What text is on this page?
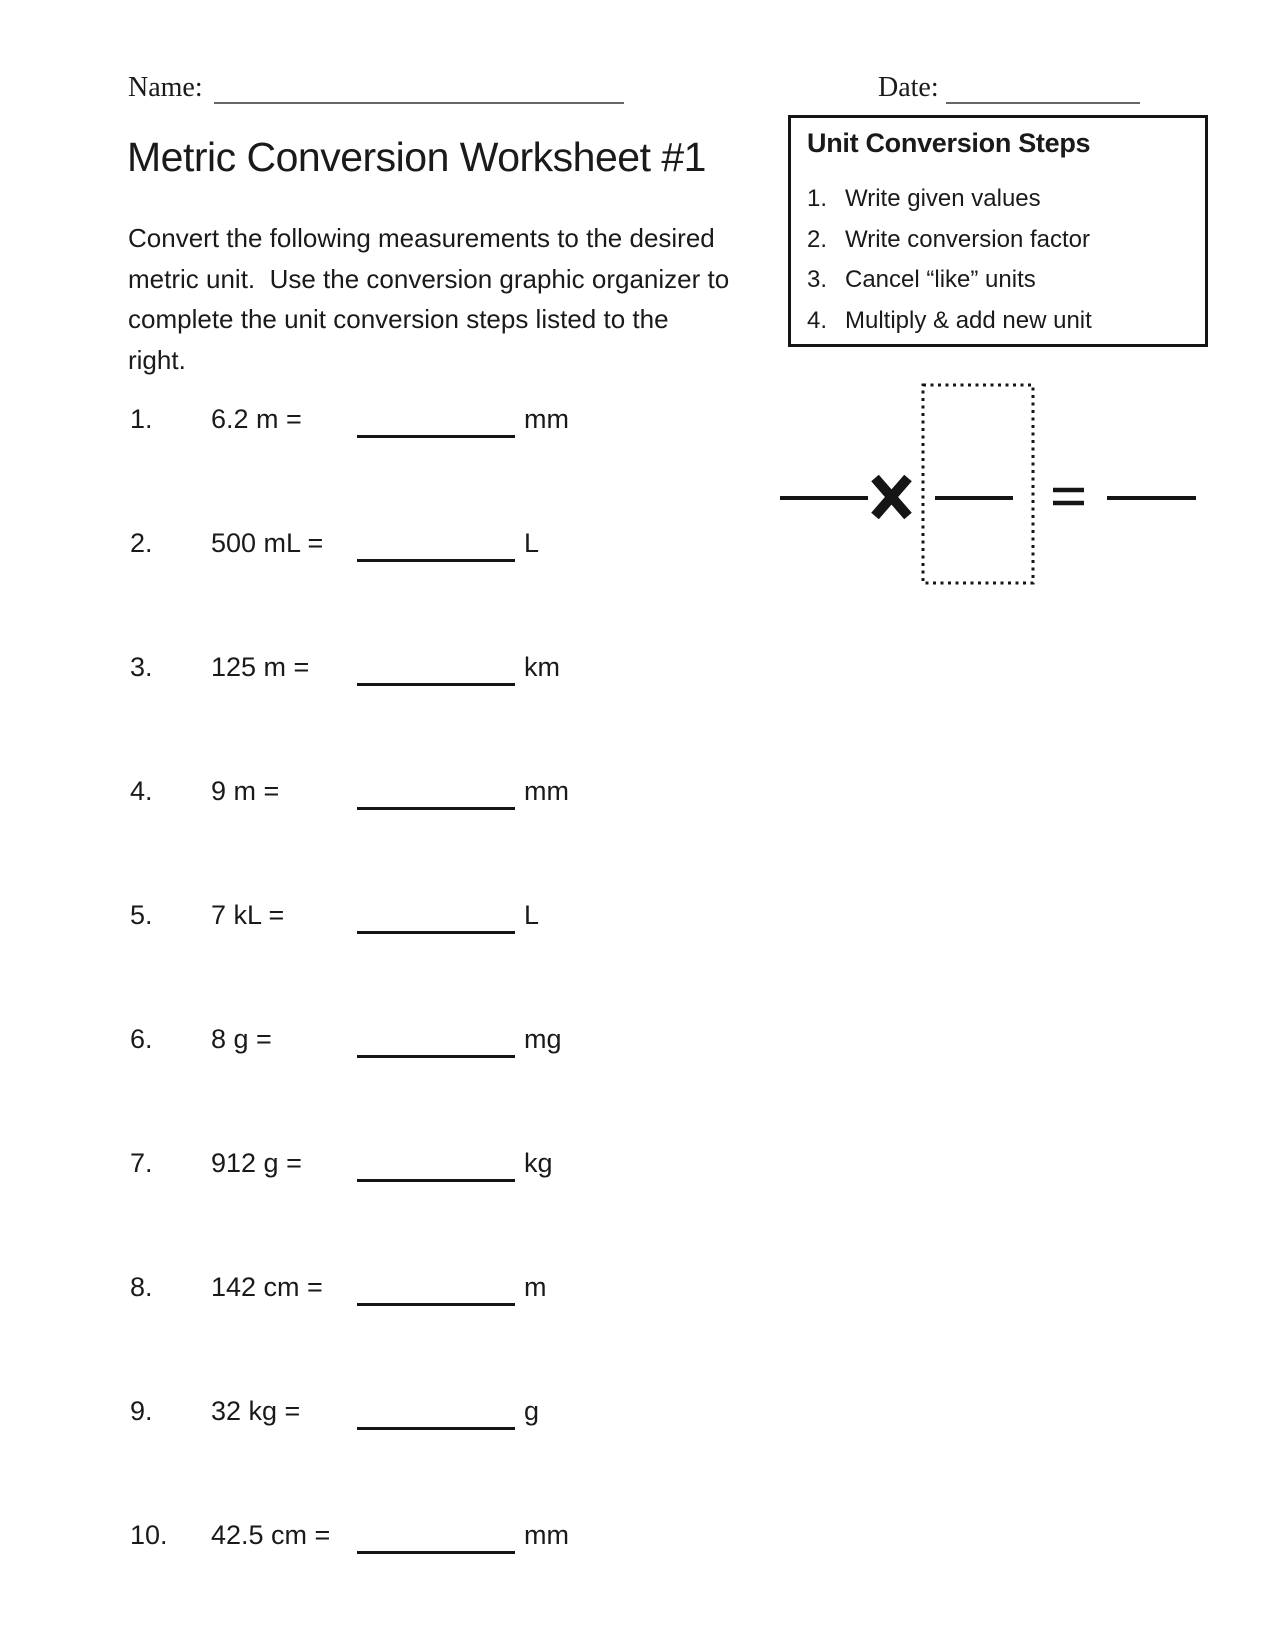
Name:	Date:
Metric Conversion Worksheet #1
Convert the following measurements to the desired
metric unit.  Use the conversion graphic organizer to
complete the unit conversion steps listed to the
right.
Unit Conversion Steps
1. Write given values
2. Write conversion factor
3. Cancel “like” units
4. Multiply & add new unit
1. 6.2 m =	mm
2. 500 mL =	L
3. 125 m =	km
4. 9 m =	mm
5. 7 kL =	L
6. 8 g =	mg
7. 912 g =	kg
8. 142 cm =	m
9. 32 kg =	g
10. 42.5 cm =	mm
